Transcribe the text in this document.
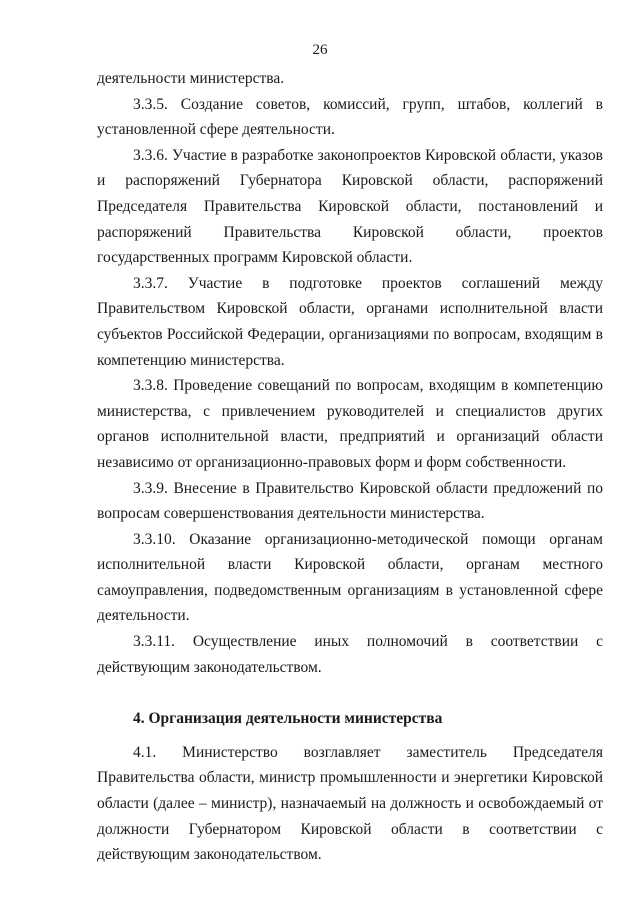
26

деятельности министерства.

3.3.5. Создание советов, комиссий, групп, штабов, коллегий в установленной сфере деятельности.

3.3.6. Участие в разработке законопроектов Кировской области, указов и распоряжений Губернатора Кировской области, распоряжений Председателя Правительства Кировской области, постановлений и распоряжений Правительства Кировской области, проектов государственных программ Кировской области.

3.3.7. Участие в подготовке проектов соглашений между Правительством Кировской области, органами исполнительной власти субъектов Российской Федерации, организациями по вопросам, входящим в компетенцию министерства.

3.3.8. Проведение совещаний по вопросам, входящим в компетенцию министерства, с привлечением руководителей и специалистов других органов исполнительной власти, предприятий и организаций области независимо от организационно-правовых форм и форм собственности.

3.3.9. Внесение в Правительство Кировской области предложений по вопросам совершенствования деятельности министерства.

3.3.10. Оказание организационно-методической помощи органам исполнительной власти Кировской области, органам местного самоуправления, подведомственным организациям в установленной сфере деятельности.

3.3.11. Осуществление иных полномочий в соответствии с действующим законодательством.

4. Организация деятельности министерства

4.1. Министерство возглавляет заместитель Председателя Правительства области, министр промышленности и энергетики Кировской области (далее – министр), назначаемый на должность и освобождаемый от должности Губернатором Кировской области в соответствии с действующим законодательством.
